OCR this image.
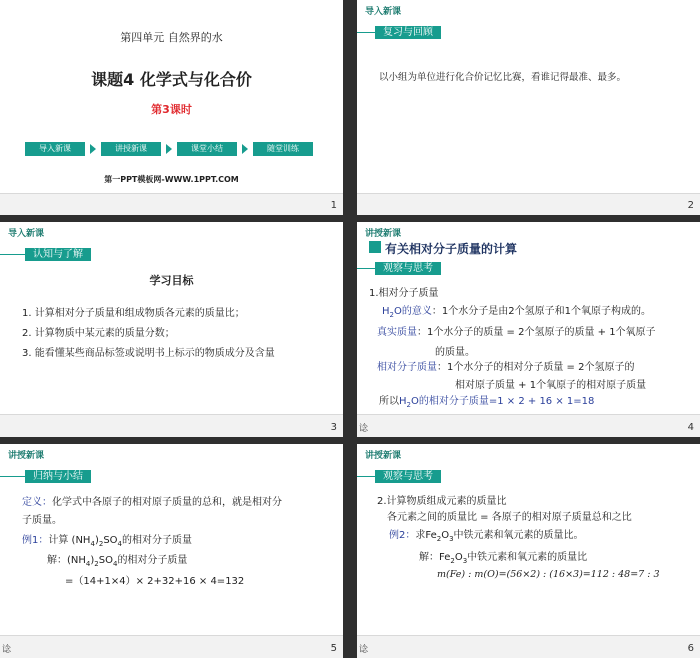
第四单元 自然界的水
课题4 化学式与化合价
第3课时
导入新课	讲授新课	课堂小结	随堂训练
第一PPT模板网-WWW.1PPT.COM
1
导入新课
复习与回顾
以小组为单位进行化合价记忆比赛，看谁记得最准、最多。
2
导入新课
认知与了解
学习目标
1. 计算相对分子质量和组成物质各元素的质量比；
2. 计算物质中某元素的质量分数；
3. 能看懂某些商品标签或说明书上标示的物质成分及含量
3
讲授新课
有关相对分子质量的计算
观察与思考
1.相对分子质量
$H_2O$的意义：1个水分子是由2个氢原子和1个氧原子构成的。
真实质量：1个水分子的质量 = 2个氢原子的质量 + 1个氧原子
的质量。
相对分子质量：1个水分子的相对分子质量 = 2个氢原子的
相对原子质量 + 1个氧原子的相对原子质量
所以$H_2O$的相对分子质量=1 × 2 + 16 × 1=18
谂	4
讲授新课
归纳与小结
定义：化学式中各原子的相对原子质量的总和，就是相对分
子质量。
例1：计算 $(NH_4)_2SO_4$的相对分子质量
解：$(NH_4)_2SO_4$的相对分子质量
=（14+1×4）× 2+32+16 × 4=132
谂	5
讲授新课
观察与思考
2.计算物质组成元素的质量比
各元素之间的质量比 = 各原子的相对原子质量总和之比
例2：求$Fe_2O_3$中铁元素和氧元素的质量比。
解：$Fe_2O_3$中铁元素和氧元素的质量比
m(Fe) : m(O)=(56×2) : (16×3)=112 : 48=7 : 3
谂	6
